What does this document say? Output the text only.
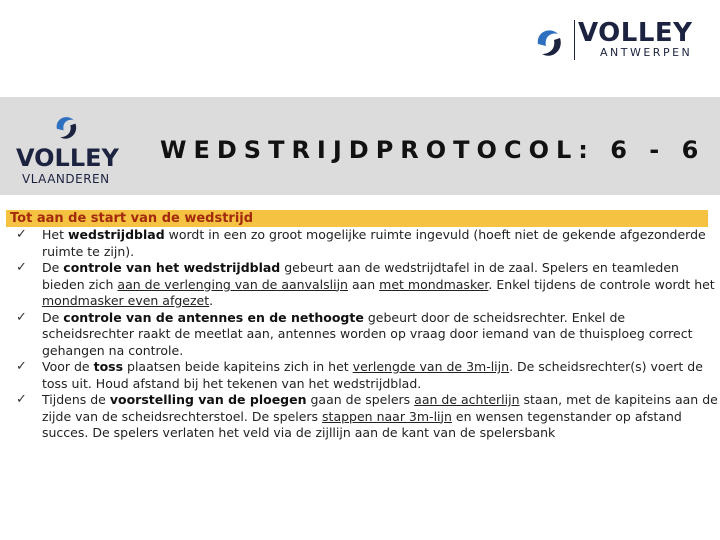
VOLLEY
ANTWERPEN
VOLLEY
VLAANDEREN
WEDSTRIJDPROTOCOL: 6 - 6
Tot aan de start van de wedstrijd
✓ Het wedstrijdblad wordt in een zo groot mogelijke ruimte ingevuld (hoeft niet de gekende afgezonderde ruimte te zijn).
✓ De controle van het wedstrijdblad gebeurt aan de wedstrijdtafel in de zaal. Spelers en teamleden bieden zich aan de verlenging van de aanvalslijn aan met mondmasker. Enkel tijdens de controle wordt het mondmasker even afgezet.
✓ De controle van de antennes en de nethoogte gebeurt door de scheidsrechter. Enkel de scheidsrechter raakt de meetlat aan, antennes worden op vraag door iemand van de thuisploeg correct gehangen na controle.
✓ Voor de toss plaatsen beide kapiteins zich in het verlengde van de 3m-lijn. De scheidsrechter(s) voert de toss uit. Houd afstand bij het tekenen van het wedstrijdblad.
✓ Tijdens de voorstelling van de ploegen gaan de spelers aan de achterlijn staan, met de kapiteins aan de zijde van de scheidsrechterstoel. De spelers stappen naar 3m-lijn en wensen tegenstander op afstand succes. De spelers verlaten het veld via de zijllijn aan de kant van de spelersbank
